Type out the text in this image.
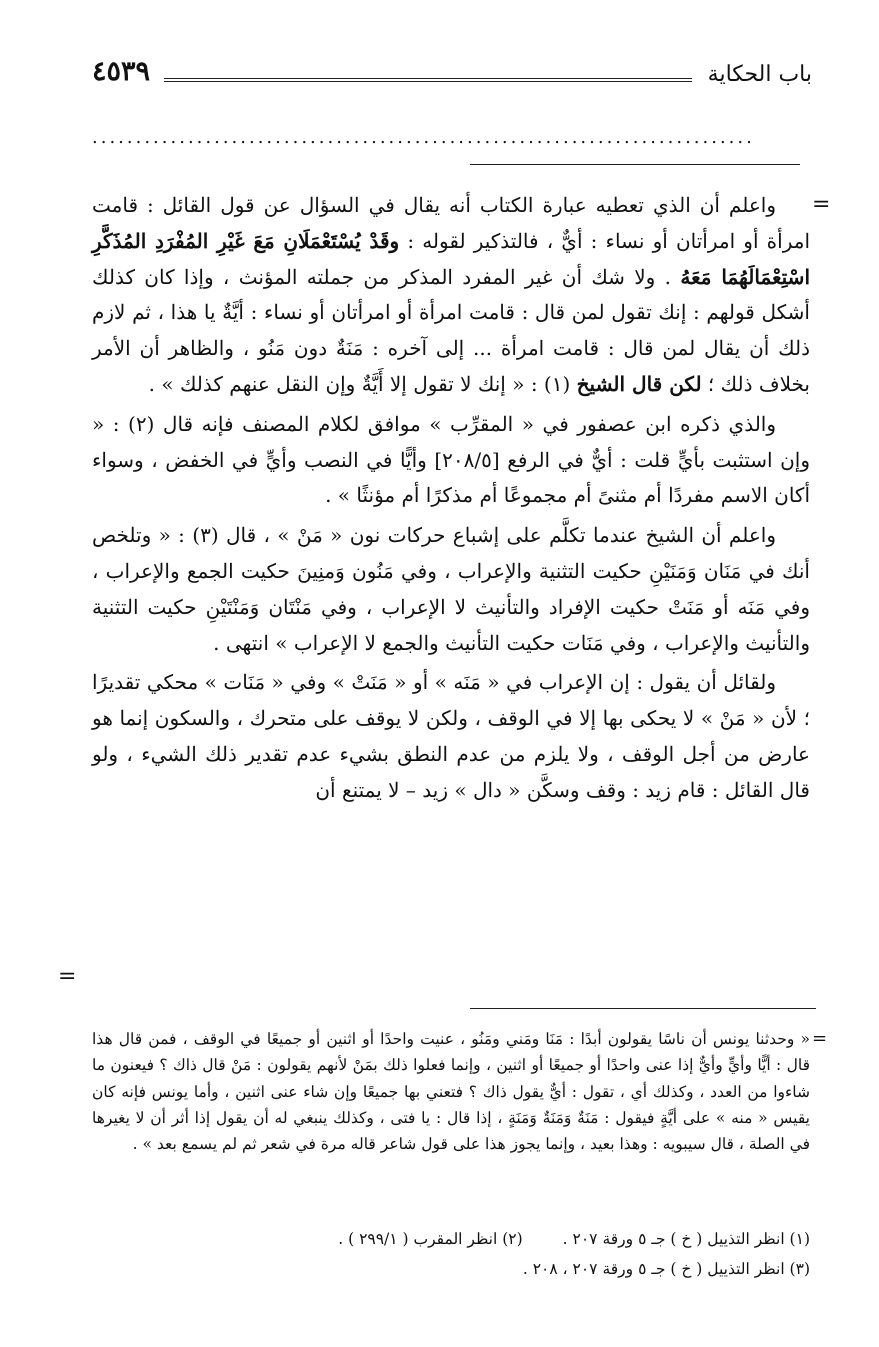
باب الحكاية
٤٥٣٩
............................................................................
=
=

واعلم أن الذي تعطيه عبارة الكتاب أنه يقال في السؤال عن قول القائل : قامت امرأة أو امرأتان أو نساء : أيٌّ ، فالتذكير لقوله : وقَدْ يُسْتَعْمَلَانِ مَعَ غَيْرِ المُفْرَدِ المُذَكَّرِ اسْتِعْمَالَهُمَا مَعَهُ . ولا شك أن غير المفرد المذكر من جملته المؤنث ، وإذا كان كذلك أشكل قولهم : إنك تقول لمن قال : قامت امرأة أو امرأتان أو نساء : أيَّةٌ يا هذا ، ثم لازم ذلك أن يقال لمن قال : قامت امرأة ... إلى آخره : مَنَةٌ دون مَنُو ، والظاهر أن الأمر بخلاف ذلك ؛ لكن قال الشيخ (١) : « إنك لا تقول إلا أَيَّةٌ وإن النقل عنهم كذلك » .

والذي ذكره ابن عصفور في « المقرِّب » موافق لكلام المصنف فإنه قال (٢) : « وإن استثبت بأيٍّ قلت : أيٌّ في الرفع [٢٠٨/٥] وأيًّا في النصب وأيٍّ في الخفض ، وسواء أكان الاسم مفردًا أم مثنىً أم مجموعًا أم مذكرًا أم مؤنثًا » .

واعلم أن الشيخ عندما تكلَّم على إشباع حركات نون « مَنْ » ، قال (٣) : « وتلخص أنك في مَنَان وَمَنَيْنِ حكيت التثنية والإعراب ، وفي مَنُون وَمنِينَ حكيت الجمع والإعراب ، وفي مَنَه أو مَنَتْ حكيت الإفراد والتأنيث لا الإعراب ، وفي مَنْتَان وَمَنْتَيْنِ حكيت التثنية والتأنيث والإعراب ، وفي مَنَات حكيت التأنيث والجمع لا الإعراب » انتهى .

ولقائل أن يقول : إن الإعراب في « مَنَه » أو « مَنَتْ » وفي « مَنَات » محكي تقديرًا ؛ لأن « مَنْ » لا يحكى بها إلا في الوقف ، ولكن لا يوقف على متحرك ، والسكون إنما هو عارض من أجل الوقف ، ولا يلزم من عدم النطق بشيء عدم تقدير ذلك الشيء ، ولو قال القائل : قام زيد : وقف وسكَّن « دال » زيد – لا يمتنع أن

=

« وحدثنا يونس أن ناسًا يقولون أبدًا : مَنَا ومَني ومَنُو ، عنيت واحدًا أو اثنين أو جميعًا في الوقف ، فمن قال هذا قال : أيًّا وأيٍّ وأيٌّ إذا عنى واحدًا أو جميعًا أو اثنين ، وإنما فعلوا ذلك بمَنْ لأنهم يقولون : مَنْ قال ذاك ؟ فيعنون ما شاءوا من العدد ، وكذلك أي ، تقول : أيٌّ يقول ذاك ؟ فتعني بها جميعًا وإن شاء عنى اثنين ، وأما يونس فإنه كان يقيس « منه » على أيَّةٍ فيقول : مَنَةٌ وَمَنَةٌ وَمَنَةٍ ، إذا قال : يا فتى ، وكذلك ينبغي له أن يقول إذا أثر أن لا يغيرها في الصلة ، قال سيبويه : وهذا بعيد ، وإنما يجوز هذا على قول شاعر قاله مرة في شعر ثم لم يسمع بعد » .

(١) انظر التذييل ( خ ) جـ ٥ ورقة ٢٠٧ .(٢) انظر المقرب ( ٢٩٩/١ ) .
(٣) انظر التذييل ( خ ) جـ ٥ ورقة ٢٠٧ ، ٢٠٨ .
